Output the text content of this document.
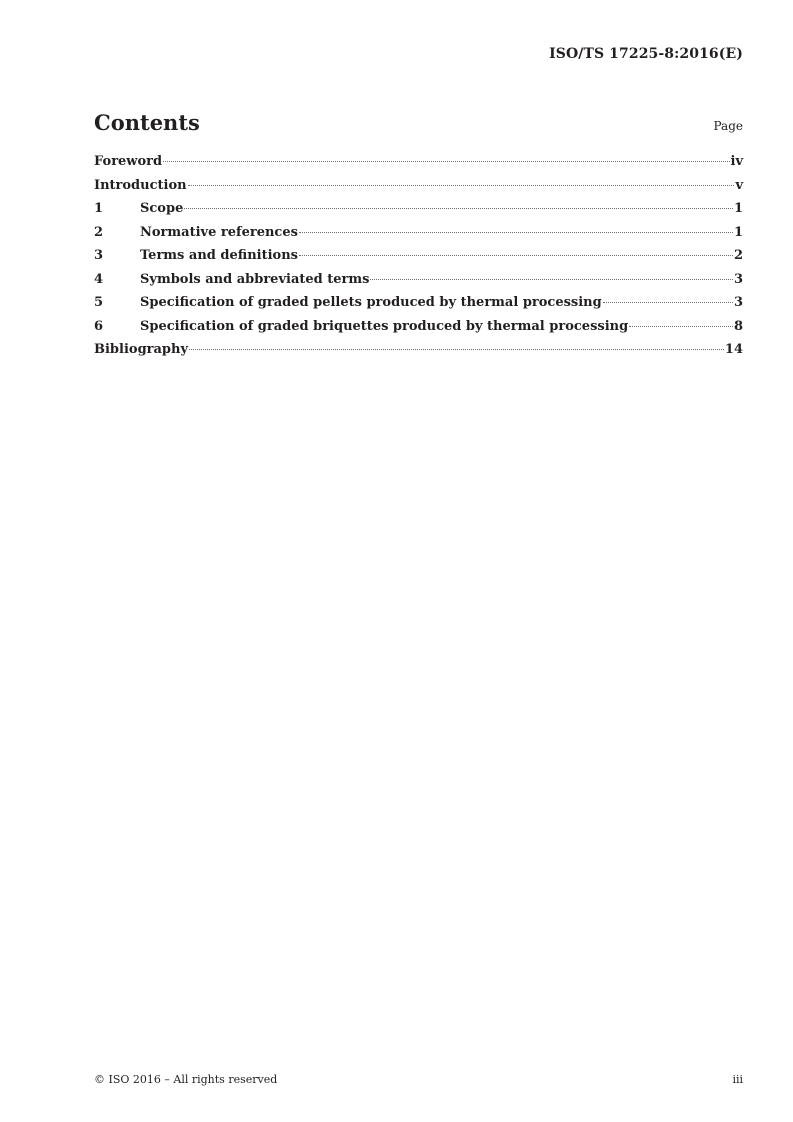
ISO/TS 17225-8:2016(E)
Contents	Page
Foreword	iv
Introduction	v
1	Scope	1
2	Normative references	1
3	Terms and definitions	2
4	Symbols and abbreviated terms	3
5	Specification of graded pellets produced by thermal processing	3
6	Specification of graded briquettes produced by thermal processing	8
Bibliography	14
© ISO 2016 – All rights reserved	iii
